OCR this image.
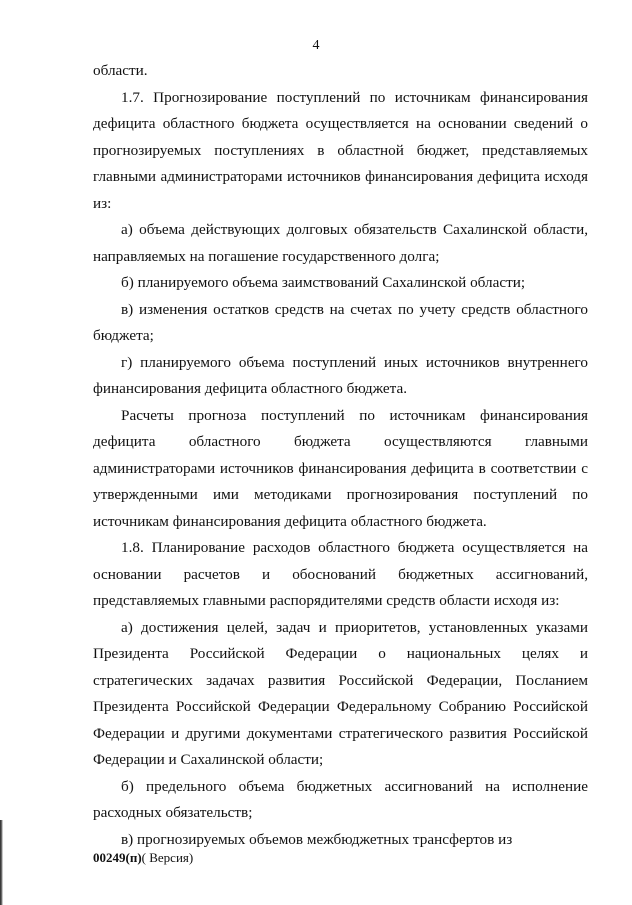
4

области.

1.7. Прогнозирование поступлений по источникам финансирования дефицита областного бюджета осуществляется на основании сведений о прогнозируемых поступлениях в областной бюджет, представляемых главными администраторами источников финансирования дефицита исходя из:

а) объема действующих долговых обязательств Сахалинской области, направляемых на погашение государственного долга;

б) планируемого объема заимствований Сахалинской области;

в) изменения остатков средств на счетах по учету средств областного бюджета;

г) планируемого объема поступлений иных источников внутреннего финансирования дефицита областного бюджета.

Расчеты прогноза поступлений по источникам финансирования дефицита областного бюджета осуществляются главными администраторами источников финансирования дефицита в соответствии с утвержденными ими методиками прогнозирования поступлений по источникам финансирования дефицита областного бюджета.

1.8. Планирование расходов областного бюджета осуществляется на основании расчетов и обоснований бюджетных ассигнований, представляемых главными распорядителями средств области исходя из:

а) достижения целей, задач и приоритетов, установленных указами Президента Российской Федерации о национальных целях и стратегических задачах развития Российской Федерации, Посланием Президента Российской Федерации Федеральному Собранию Российской Федерации и другими документами стратегического развития Российской Федерации и Сахалинской области;

б) предельного объема бюджетных ассигнований на исполнение расходных обязательств;

в) прогнозируемых объемов межбюджетных трансфертов из

00249(п)( Версия)
